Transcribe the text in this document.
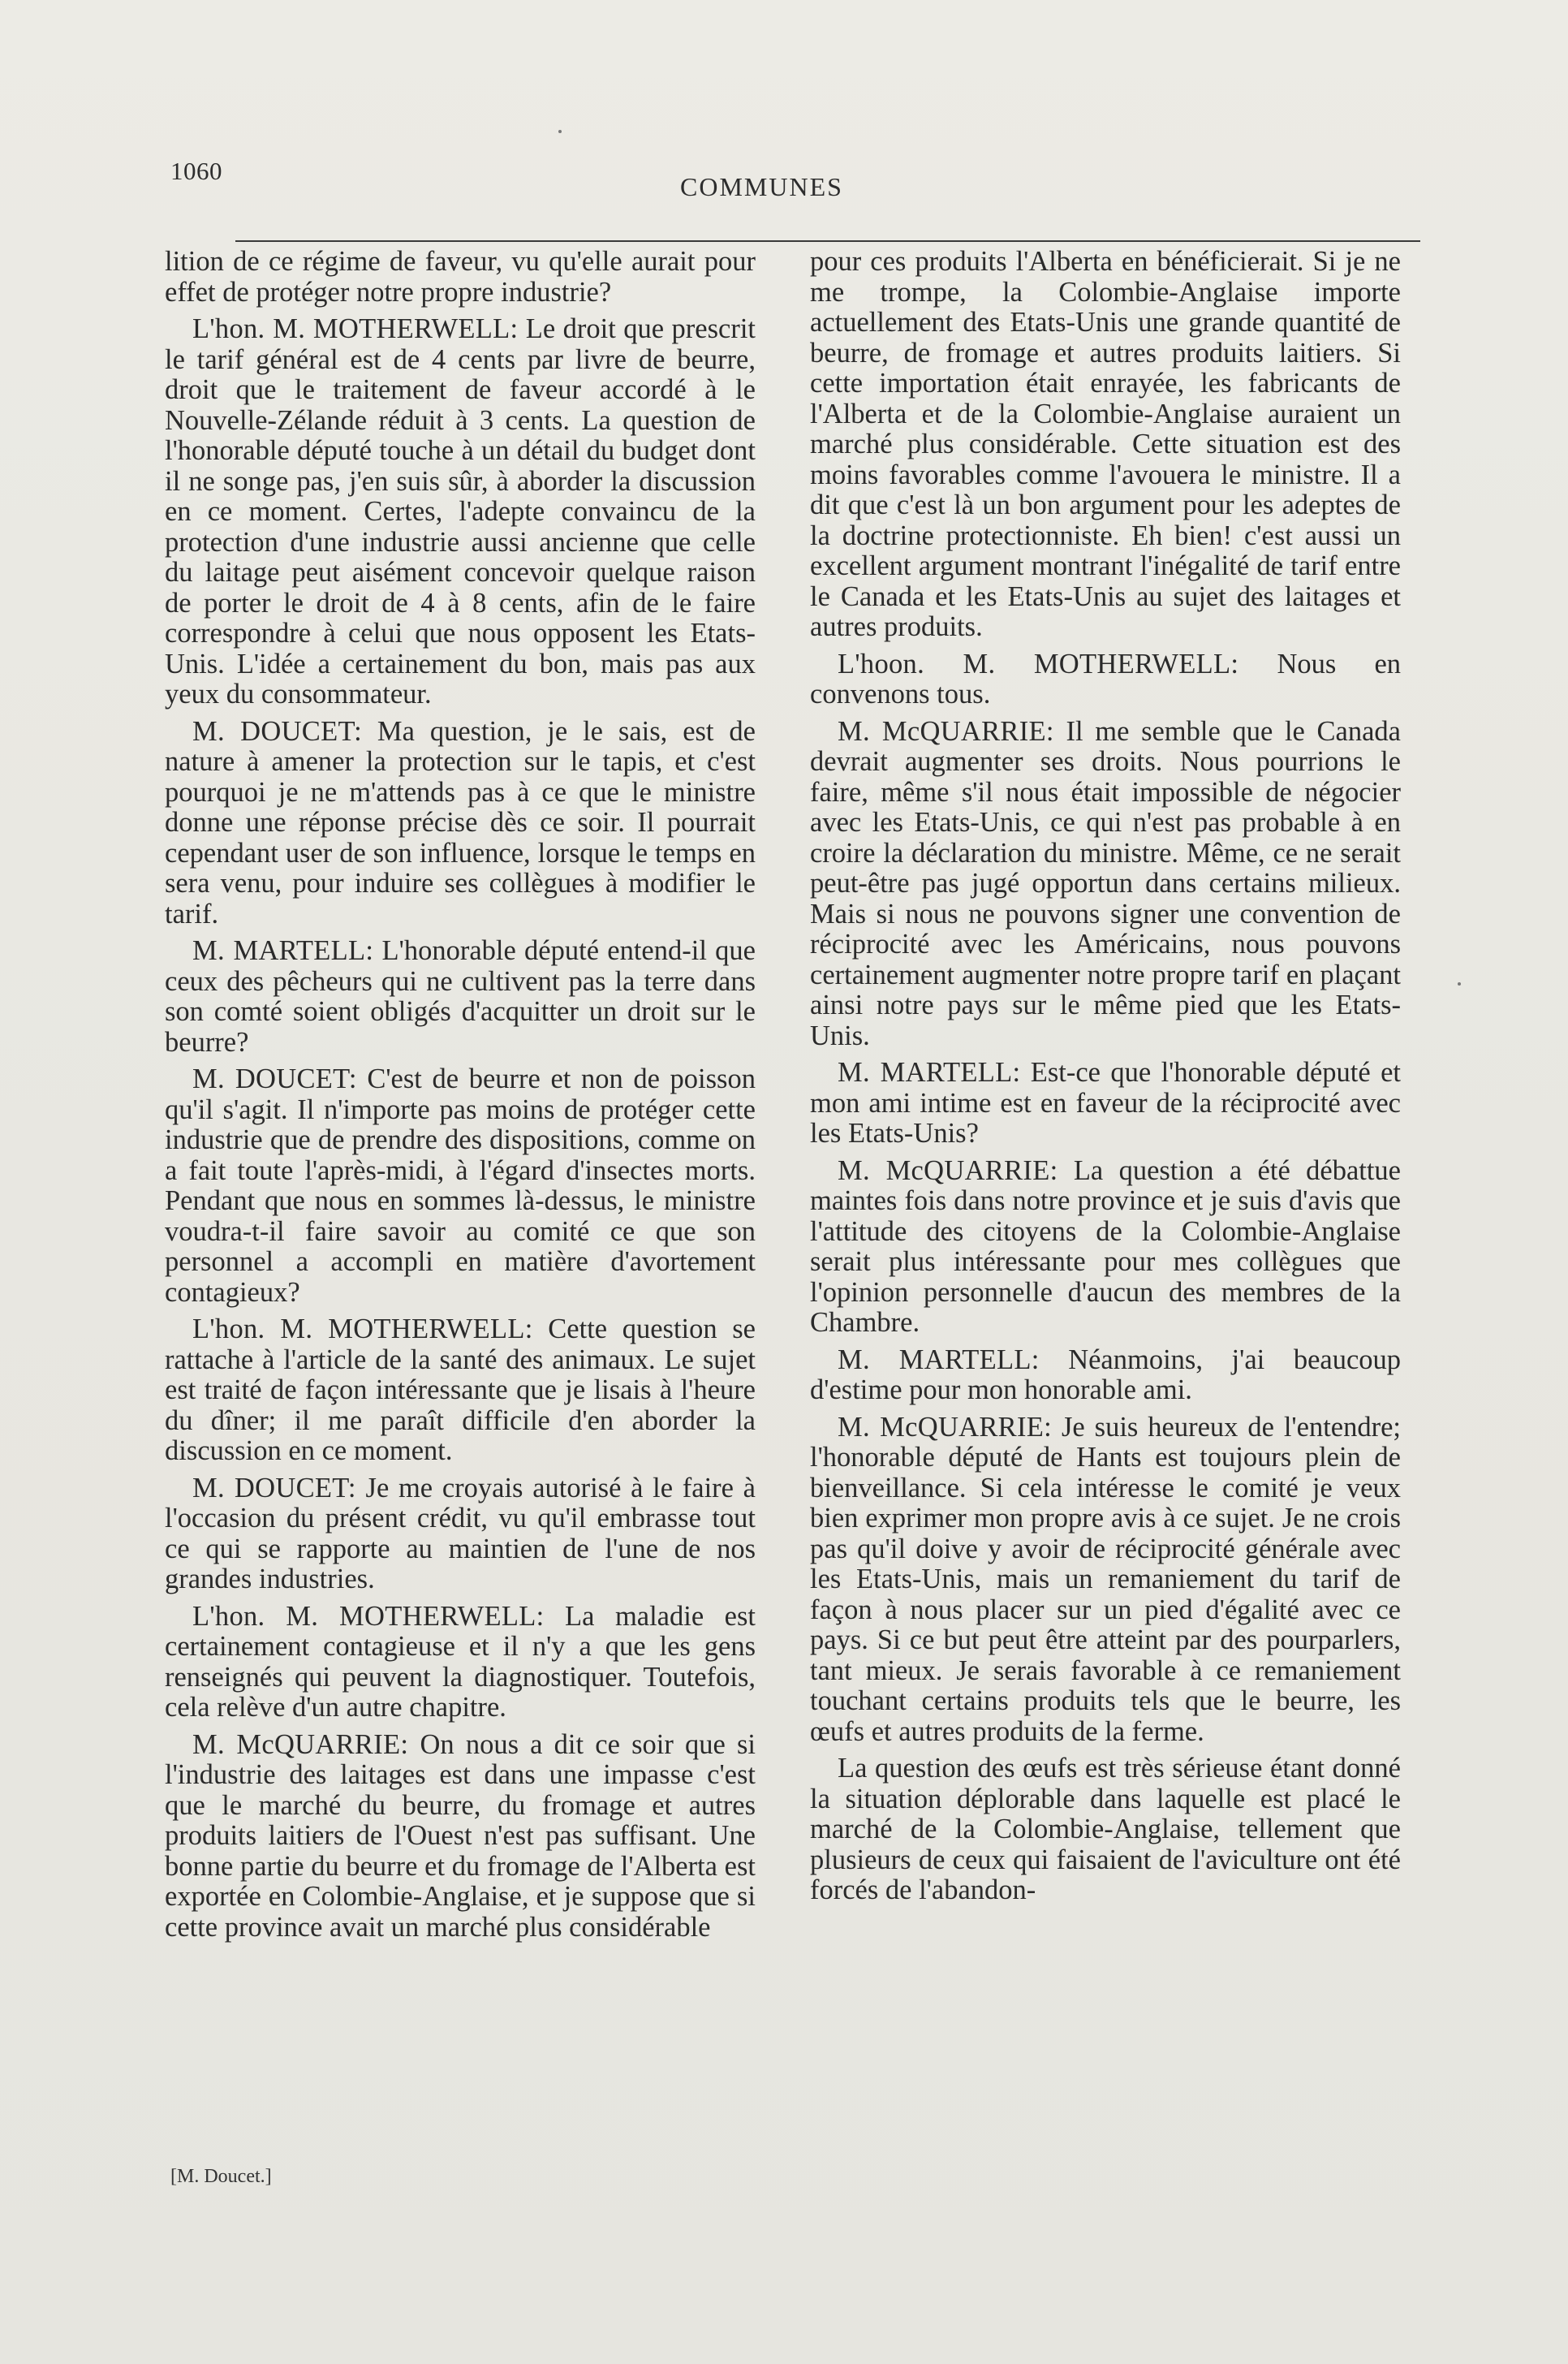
1060
COMMUNES

lition de ce régime de faveur, vu qu'elle aurait pour effet de protéger notre propre industrie?

L'hon. M. MOTHERWELL: Le droit que prescrit le tarif général est de 4 cents par livre de beurre, droit que le traitement de faveur accordé à le Nouvelle-Zélande réduit à 3 cents. La question de l'honorable député touche à un détail du budget dont il ne songe pas, j'en suis sûr, à aborder la discussion en ce moment. Certes, l'adepte convaincu de la protection d'une industrie aussi ancienne que celle du laitage peut aisément concevoir quelque raison de porter le droit de 4 à 8 cents, afin de le faire correspondre à celui que nous opposent les Etats-Unis. L'idée a certainement du bon, mais pas aux yeux du consommateur.

M. DOUCET: Ma question, je le sais, est de nature à amener la protection sur le tapis, et c'est pourquoi je ne m'attends pas à ce que le ministre donne une réponse précise dès ce soir. Il pourrait cependant user de son influence, lorsque le temps en sera venu, pour induire ses collègues à modifier le tarif.

M. MARTELL: L'honorable député entend-il que ceux des pêcheurs qui ne cultivent pas la terre dans son comté soient obligés d'acquitter un droit sur le beurre?

M. DOUCET: C'est de beurre et non de poisson qu'il s'agit. Il n'importe pas moins de protéger cette industrie que de prendre des dispositions, comme on a fait toute l'après-midi, à l'égard d'insectes morts. Pendant que nous en sommes là-dessus, le ministre voudra-t-il faire savoir au comité ce que son personnel a accompli en matière d'avortement contagieux?

L'hon. M. MOTHERWELL: Cette question se rattache à l'article de la santé des animaux. Le sujet est traité de façon intéressante que je lisais à l'heure du dîner; il me paraît difficile d'en aborder la discussion en ce moment.

M. DOUCET: Je me croyais autorisé à le faire à l'occasion du présent crédit, vu qu'il embrasse tout ce qui se rapporte au maintien de l'une de nos grandes industries.

L'hon. M. MOTHERWELL: La maladie est certainement contagieuse et il n'y a que les gens renseignés qui peuvent la diagnostiquer. Toutefois, cela relève d'un autre chapitre.

M. McQUARRIE: On nous a dit ce soir que si l'industrie des laitages est dans une impasse c'est que le marché du beurre, du fromage et autres produits laitiers de l'Ouest n'est pas suffisant. Une bonne partie du beurre et du fromage de l'Alberta est exportée en Colombie-Anglaise, et je suppose que si cette province avait un marché plus considérable

pour ces produits l'Alberta en bénéficierait. Si je ne me trompe, la Colombie-Anglaise importe actuellement des Etats-Unis une grande quantité de beurre, de fromage et autres produits laitiers. Si cette importation était enrayée, les fabricants de l'Alberta et de la Colombie-Anglaise auraient un marché plus considérable. Cette situation est des moins favorables comme l'avouera le ministre. Il a dit que c'est là un bon argument pour les adeptes de la doctrine protectionniste. Eh bien! c'est aussi un excellent argument montrant l'inégalité de tarif entre le Canada et les Etats-Unis au sujet des laitages et autres produits.

L'hoon. M. MOTHERWELL: Nous en convenons tous.

M. McQUARRIE: Il me semble que le Canada devrait augmenter ses droits. Nous pourrions le faire, même s'il nous était impossible de négocier avec les Etats-Unis, ce qui n'est pas probable à en croire la déclaration du ministre. Même, ce ne serait peut-être pas jugé opportun dans certains milieux. Mais si nous ne pouvons signer une convention de réciprocité avec les Américains, nous pouvons certainement augmenter notre propre tarif en plaçant ainsi notre pays sur le même pied que les Etats-Unis.

M. MARTELL: Est-ce que l'honorable député et mon ami intime est en faveur de la réciprocité avec les Etats-Unis?

M. McQUARRIE: La question a été débattue maintes fois dans notre province et je suis d'avis que l'attitude des citoyens de la Colombie-Anglaise serait plus intéressante pour mes collègues que l'opinion personnelle d'aucun des membres de la Chambre.

M. MARTELL: Néanmoins, j'ai beaucoup d'estime pour mon honorable ami.

M. McQUARRIE: Je suis heureux de l'entendre; l'honorable député de Hants est toujours plein de bienveillance. Si cela intéresse le comité je veux bien exprimer mon propre avis à ce sujet. Je ne crois pas qu'il doive y avoir de réciprocité générale avec les Etats-Unis, mais un remaniement du tarif de façon à nous placer sur un pied d'égalité avec ce pays. Si ce but peut être atteint par des pourparlers, tant mieux. Je serais favorable à ce remaniement touchant certains produits tels que le beurre, les œufs et autres produits de la ferme.

La question des œufs est très sérieuse étant donné la situation déplorable dans laquelle est placé le marché de la Colombie-Anglaise, tellement que plusieurs de ceux qui faisaient de l'aviculture ont été forcés de l'abandon-

[M. Doucet.]
